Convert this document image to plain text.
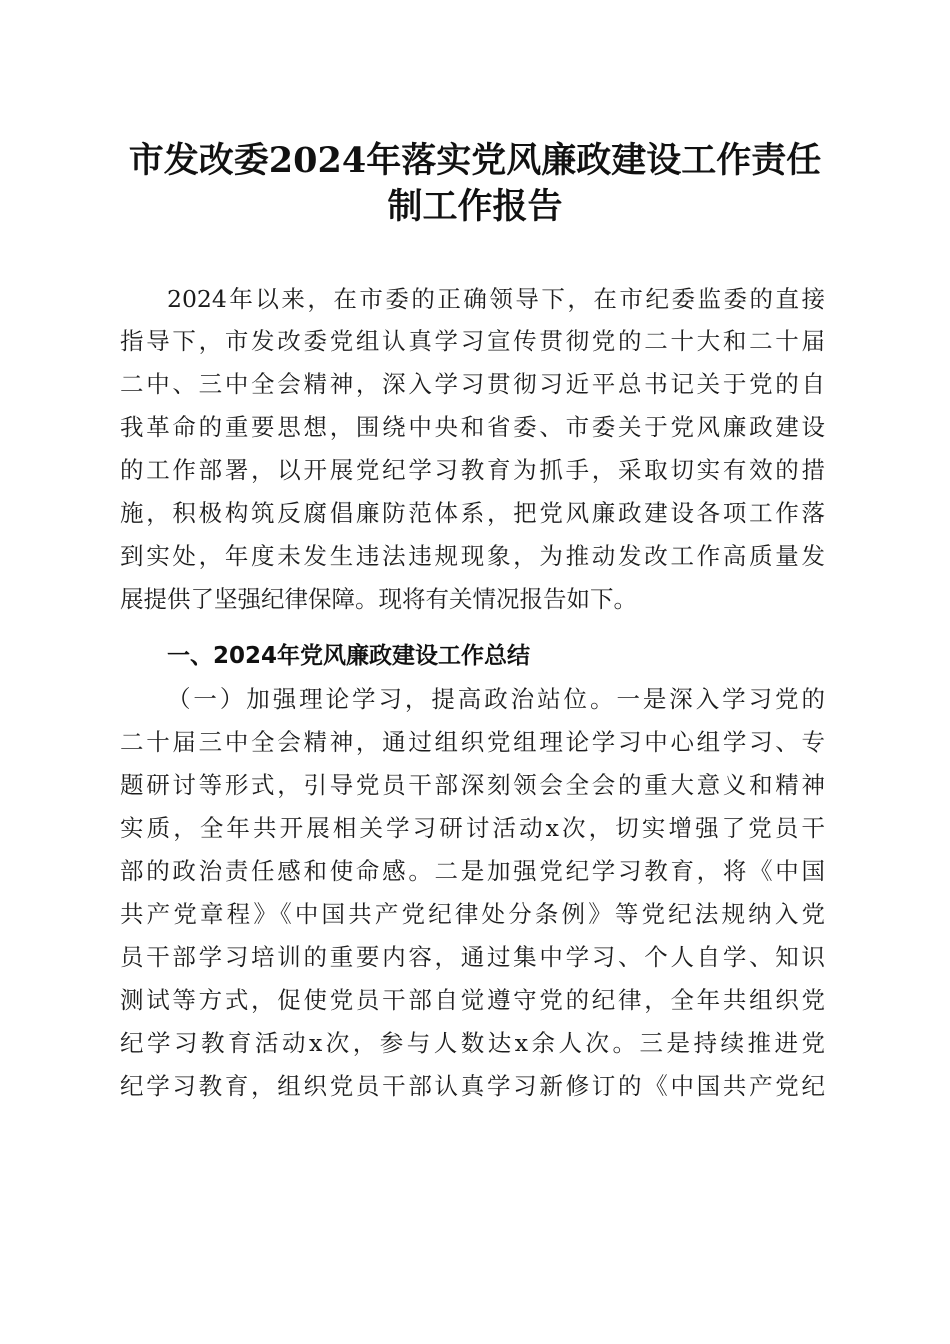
市发改委2024年落实党风廉政建设工作责任
制工作报告

2024年以来，在市委的正确领导下，在市纪委监委的直接

指导下，市发改委党组认真学习宣传贯彻党的二十大和二十届

二中、三中全会精神，深入学习贯彻习近平总书记关于党的自

我革命的重要思想，围绕中央和省委、市委关于党风廉政建设

的工作部署，以开展党纪学习教育为抓手，采取切实有效的措

施，积极构筑反腐倡廉防范体系，把党风廉政建设各项工作落

到实处，年度未发生违法违规现象，为推动发改工作高质量发

展提供了坚强纪律保障。现将有关情况报告如下。

一、2024年党风廉政建设工作总结

（一）加强理论学习，提高政治站位。一是深入学习党的

二十届三中全会精神，通过组织党组理论学习中心组学习、专

题研讨等形式，引导党员干部深刻领会全会的重大意义和精神

实质，全年共开展相关学习研讨活动x次，切实增强了党员干

部的政治责任感和使命感。二是加强党纪学习教育，将《中国

共产党章程》《中国共产党纪律处分条例》等党纪法规纳入党

员干部学习培训的重要内容，通过集中学习、个人自学、知识

测试等方式，促使党员干部自觉遵守党的纪律，全年共组织党

纪学习教育活动x次，参与人数达x余人次。三是持续推进党

纪学习教育，组织党员干部认真学习新修订的《中国共产党纪
